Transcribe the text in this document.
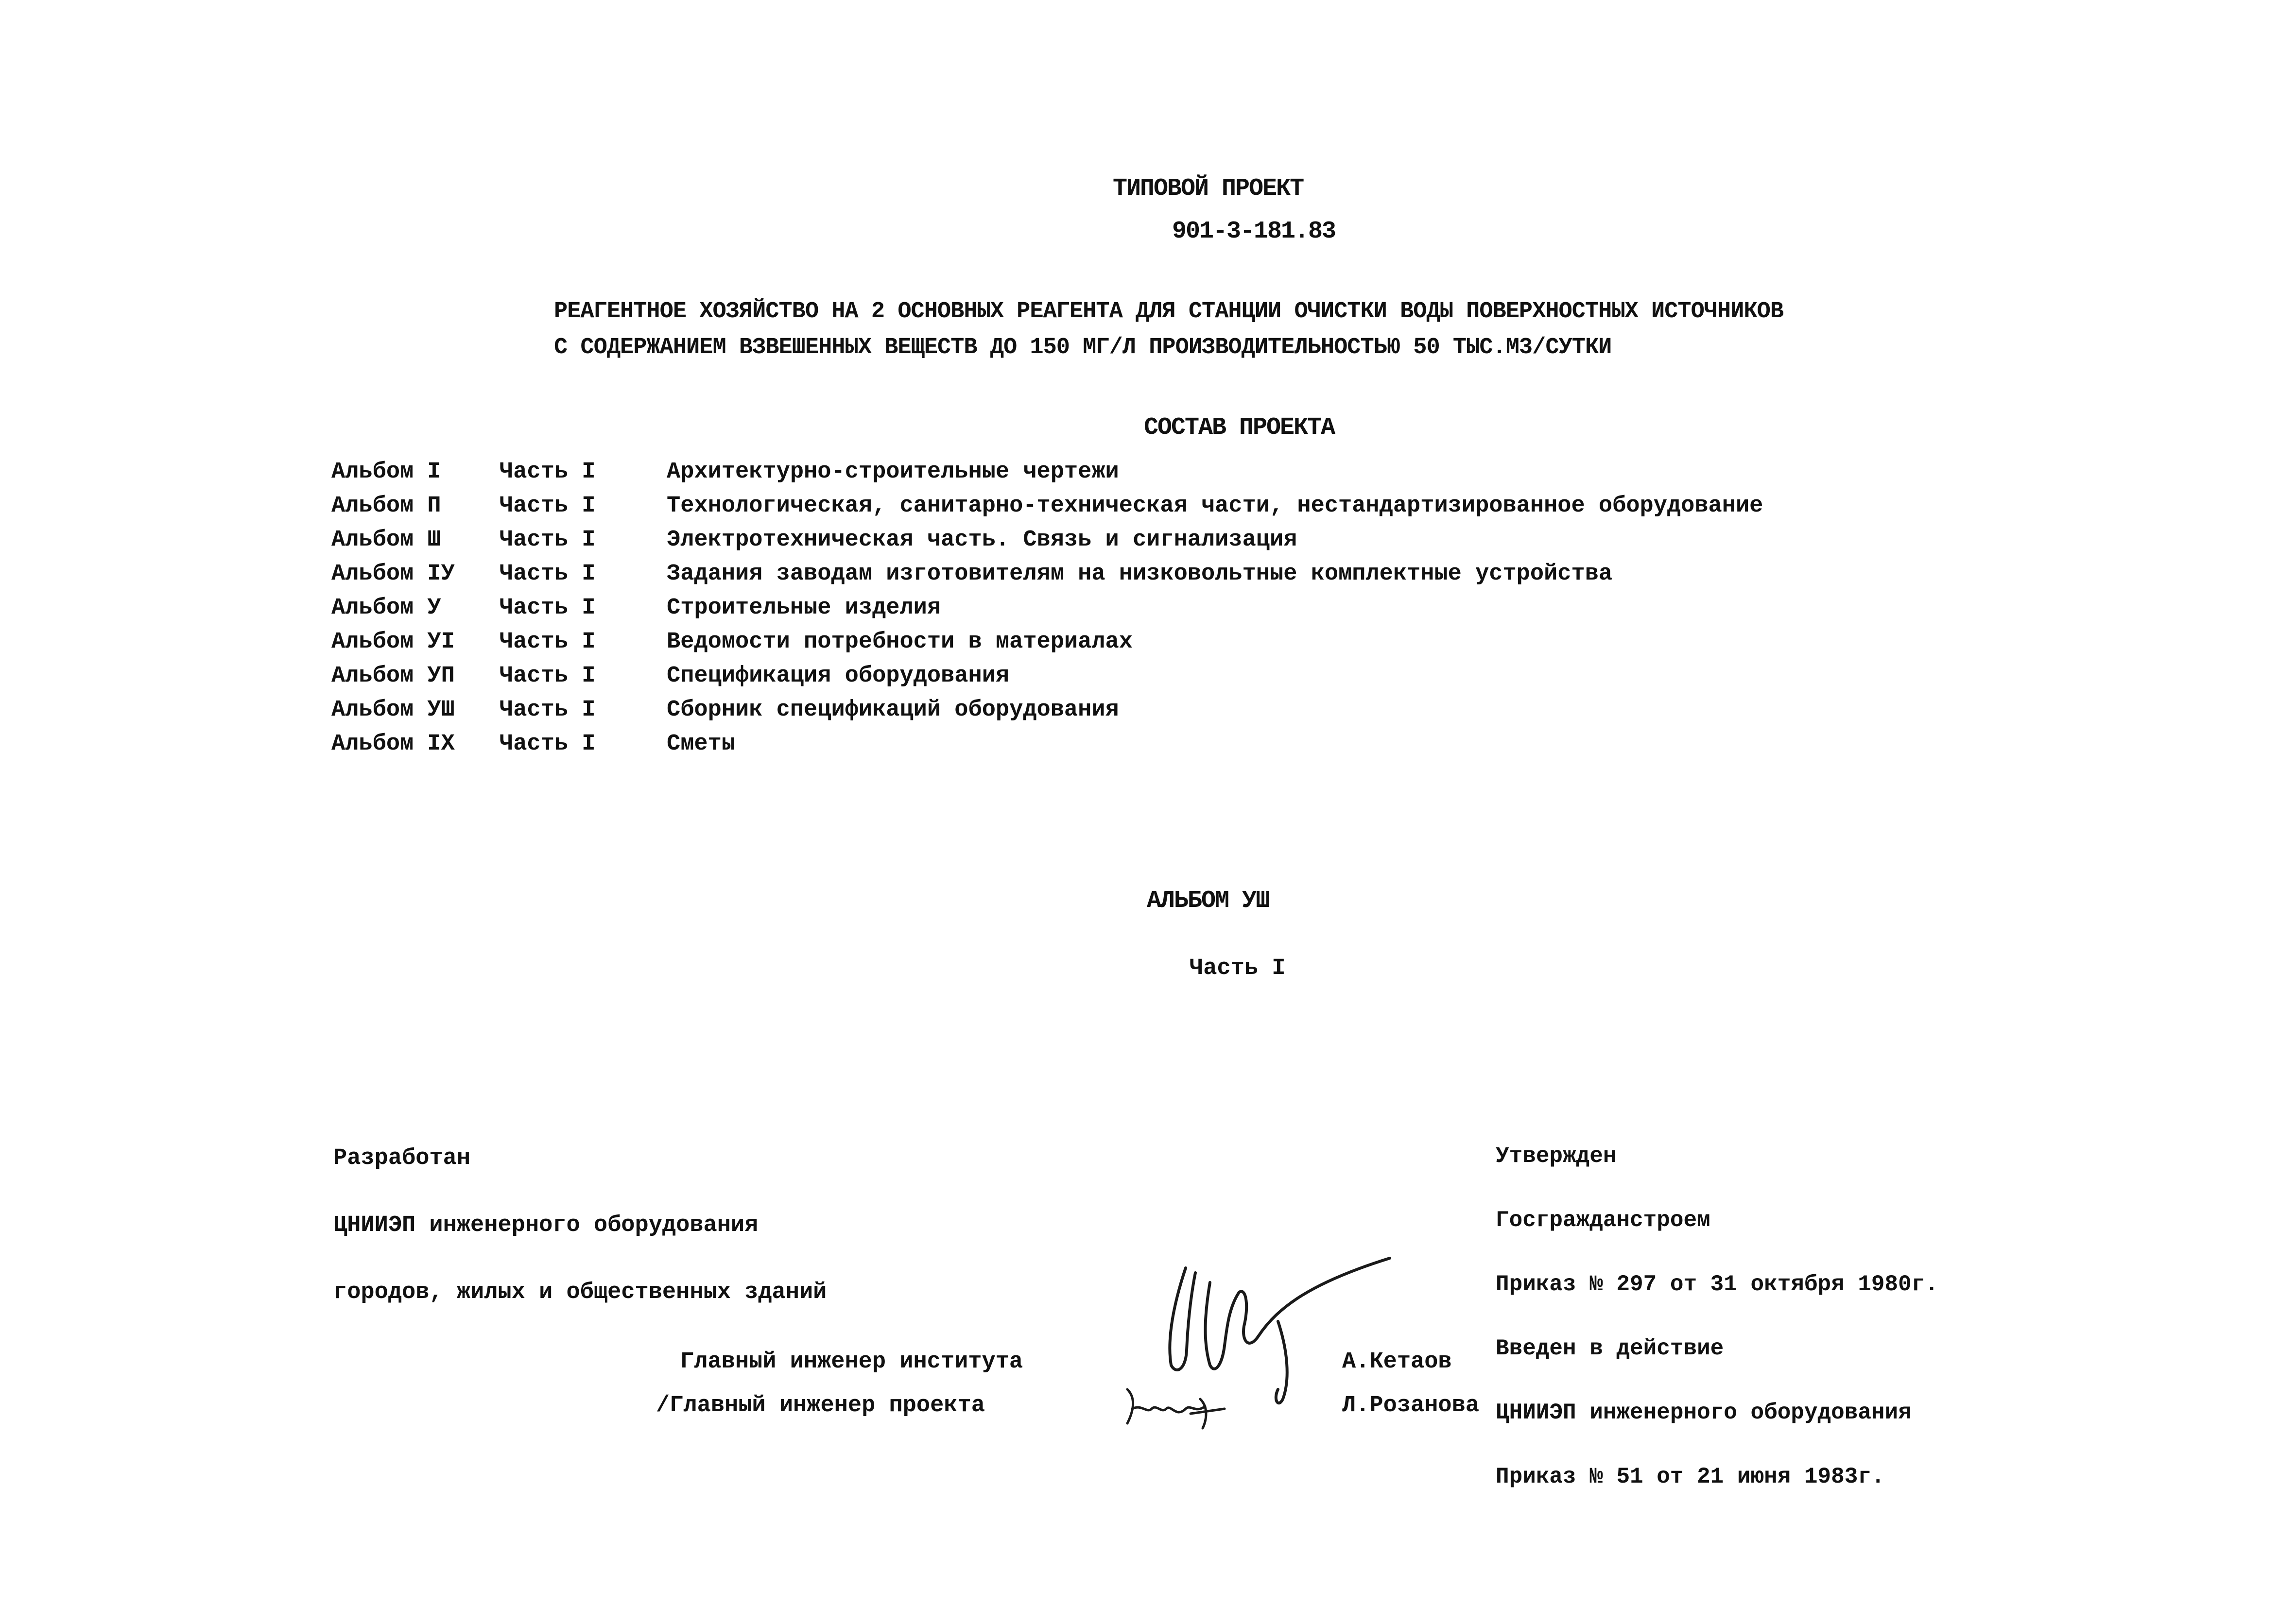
ТИПОВОЙ ПРОЕКТ
901-3-181.83
РЕАГЕНТНОЕ ХОЗЯЙСТВО НА 2 ОСНОВНЫХ РЕАГЕНТА ДЛЯ СТАНЦИИ ОЧИСТКИ ВОДЫ ПОВЕРХНОСТНЫХ ИСТОЧНИКОВ
С СОДЕРЖАНИЕМ ВЗВЕШЕННЫХ ВЕЩЕСТВ ДО 150 МГ/Л ПРОИЗВОДИТЕЛЬНОСТЬЮ 50 ТЫС.М3/СУТКИ
СОСТАВ ПРОЕКТА
Альбом I	Часть I	Архитектурно-строительные чертежи
Альбом П	Часть I	Технологическая, санитарно-техническая части, нестандартизированное оборудование
Альбом Ш	Часть I	Электротехническая часть. Связь и сигнализация
Альбом IУ Часть I	Задания заводам изготовителям на низковольтные комплектные устройства
Альбом У	Часть I	Строительные изделия
Альбом УI Часть I	Ведомости потребности в материалах
Альбом УП Часть I	Спецификация оборудования
Альбом УШ Часть I	Сборник спецификаций оборудования
Альбом IX Часть I	Сметы
АЛЬБОМ УШ
Часть I

Разработан

ЦНИИЭП инженерного оборудования

городов, жилых и общественных зданий

Утвержден

Госгражданстроем

Приказ № 297 от 31 октября 1980г.

Введен в действие

ЦНИИЭП инженерного оборудования

Приказ № 51 от 21 июня 1983г.

Главный инженер института	А.Кетаов
/Главный инженер проекта	Л.Розанова
